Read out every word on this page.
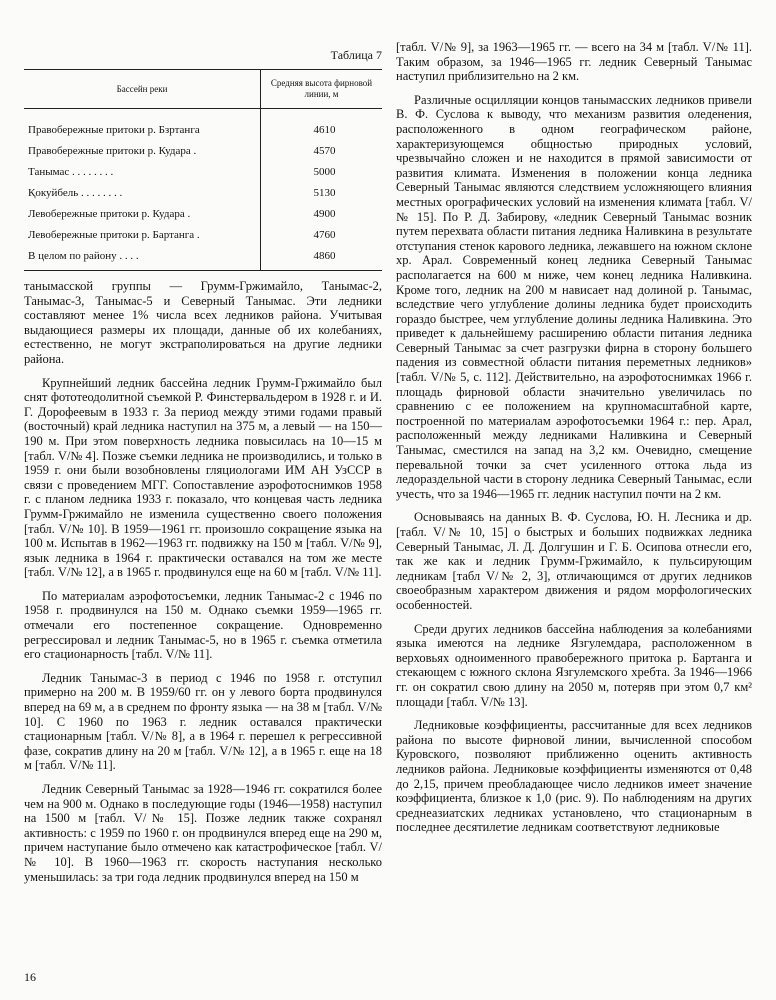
Таблица 7
Бассейн реки	Средняя высота фирновой линии, м
Правобережные притоки р. Бзртанга	4610
Правобережные притоки р. Кудара .	4570
Танымас . . . . . . . .	5000
Қокуйбель . . . . . . . .	5130
Левобережные притоки р. Кудара .	4900
Левобережные притоки р. Бартанга .	4760
В целом по району . . . .	4860

танымасской группы — Грумм-Гржимайло, Танымас-2, Танымас-3, Танымас-5 и Северный Танымас. Эти ледники составляют менее 1% числа всех ледников района. Учитывая выдающиеся размеры их площади, данные об их колебаниях, естественно, не могут экстраполироваться на другие ледники района.

Крупнейший ледник бассейна ледник Грумм-Гржимайло был снят фототеодолитной съемкой Р. Финстервальдером в 1928 г. и И. Г. Дорофеевым в 1933 г. За период между этими годами правый (восточный) край ледника наступил на 375 м, а левый — на 150—190 м. При этом поверхность ледника повысилась на 10—15 м [табл. V/№ 4]. Позже съемки ледника не производились, и только в 1959 г. они были возобновлены гляциологами ИМ АН УзССР в связи с проведением МГГ. Сопоставление аэрофотоснимков 1958 г. с планом ледника 1933 г. показало, что концевая часть ледника Грумм-Гржимайло не изменила существенно своего положения [табл. V/№ 10]. В 1959—1961 гг. произошло сокращение языка на 100 м. Испытав в 1962—1963 гг. подвижку на 150 м [табл. V/№ 9], язык ледника в 1964 г. практически оставался на том же месте [табл. V/№ 12], а в 1965 г. продвинулся еще на 60 м [табл. V/№ 11].

По материалам аэрофотосъемки, ледник Танымас-2 с 1946 по 1958 г. продвинулся на 150 м. Однако съемки 1959—1965 гг. отмечали его постепенное сокращение. Одновременно регрессировал и ледник Танымас-5, но в 1965 г. съемка отметила его стационарность [табл. V/№ 11].

Ледник Танымас-3 в период с 1946 по 1958 г. отступил примерно на 200 м. В 1959/60 гг. он у левого борта продвинулся вперед на 69 м, а в среднем по фронту языка — на 38 м [табл. V/№ 10]. С 1960 по 1963 г. ледник оставался практически стационарным [табл. V/№ 8], а в 1964 г. перешел к регрессивной фазе, сократив длину на 20 м [табл. V/№ 12], а в 1965 г. еще на 18 м [табл. V/№ 11].

Ледник Северный Танымас за 1928—1946 гг. сократился более чем на 900 м. Однако в последующие годы (1946—1958) наступил на 1500 м [табл. V/№ 15]. Позже ледник также сохранял активность: с 1959 по 1960 г. он продвинулся вперед еще на 290 м, причем наступание было отмечено как катастрофическое [табл. V/№ 10]. В 1960—1963 гг. скорость наступания несколько уменьшилась: за три года ледник продвинулся вперед на 150 м

[табл. V/№ 9], за 1963—1965 гг. — всего на 34 м [табл. V/№ 11]. Таким образом, за 1946—1965 гг. ледник Северный Танымас наступил приблизительно на 2 км.

Различные осцилляции концов танымасских ледников привели В. Ф. Суслова к выводу, что механизм развития оледенения, расположенного в одном географическом районе, характеризующемся общностью природных условий, чрезвычайно сложен и не находится в прямой зависимости от развития климата. Изменения в положении конца ледника Северный Танымас являются следствием усложняющего влияния местных орографических условий на изменения климата [табл. V/№ 15]. По Р. Д. Забирову, «ледник Северный Танымас возник путем перехвата области питания ледника Наливкина в результате отступания стенок карового ледника, лежавшего на южном склоне хр. Арал. Современный конец ледника Северный Танымас располагается на 600 м ниже, чем конец ледника Наливкина. Кроме того, ледник на 200 м нависает над долиной р. Танымас, вследствие чего углубление долины ледника будет происходить гораздо быстрее, чем углубление долины ледника Наливкина. Это приведет к дальнейшему расширению области питания ледника Северный Танымас за счет разгрузки фирна в сторону большего падения из совместной области питания переметных ледников» [табл. V/№ 5, с. 112]. Действительно, на аэрофотоснимках 1966 г. площадь фирновой области значительно увеличилась по сравнению с ее положением на крупномасштабной карте, построенной по материалам аэрофотосъемки 1964 г.: пер. Арал, расположенный между ледниками Наливкина и Северный Танымас, сместился на запад на 3,2 км. Очевидно, смещение перевальной точки за счет усиленного оттока льда из ледораздельной части в сторону ледника Северный Танымас, если учесть, что за 1946—1965 гг. ледник наступил почти на 2 км.

Основываясь на данных В. Ф. Суслова, Ю. Н. Лесника и др. [табл. V/№ 10, 15] о быстрых и больших подвижках ледника Северный Танымас, Л. Д. Долгушин и Г. Б. Осипова отнесли его, так же как и ледник Грумм-Гржимайло, к пульсирующим ледникам [табл V/№ 2, 3], отличающимся от других ледников своеобразным характером движения и рядом морфологических особенностей.

Среди других ледников бассейна наблюдения за колебаниями языка имеются на леднике Язгулемдара, расположенном в верховьях одноименного правобережного притока р. Бартанга и стекающем с южного склона Язгулемского хребта. За 1946—1966 гг. он сократил свою длину на 2050 м, потеряв при этом 0,7 км² площади [табл. V/№ 13].

Ледниковые коэффициенты, рассчитанные для всех ледников района по высоте фирновой линии, вычисленной способом Куровского, позволяют приближенно оценить активность ледников района. Ледниковые коэффициенты изменяются от 0,48 до 2,15, причем преобладающее число ледников имеет значение коэффициента, близкое к 1,0 (рис. 9). По наблюдениям на других среднеазиатских ледниках установлено, что стационарным в последнее десятилетие ледникам соответствуют ледниковые

16
